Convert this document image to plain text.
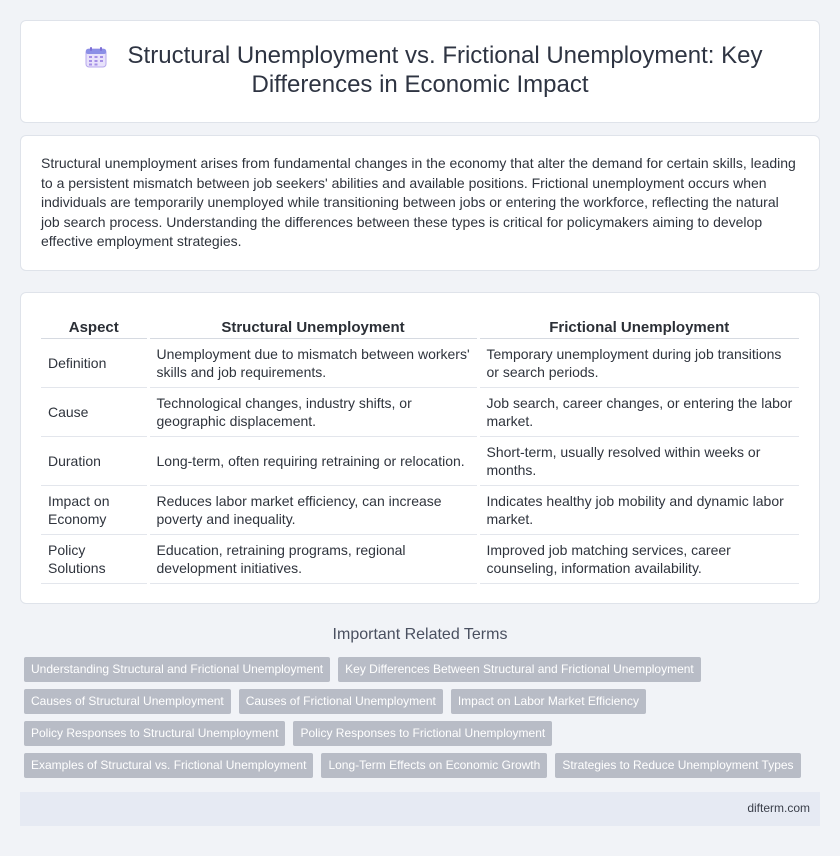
Structural Unemployment vs. Frictional Unemployment: Key
Differences in Economic Impact

Structural unemployment arises from fundamental changes in the economy that alter the demand for certain skills, leading to a persistent mismatch between job seekers' abilities and available positions. Frictional unemployment occurs when individuals are temporarily unemployed while transitioning between jobs or entering the workforce, reflecting the natural job search process. Understanding the differences between these types is critical for policymakers aiming to develop effective employment strategies.

Aspect	Structural Unemployment	Frictional Unemployment
Definition	Unemployment due to mismatch between workers' skills and job requirements.	Temporary unemployment during job transitions or search periods.
Cause	Technological changes, industry shifts, or geographic displacement.	Job search, career changes, or entering the labor market.
Duration	Long-term, often requiring retraining or relocation.	Short-term, usually resolved within weeks or months.
Impact on Economy	Reduces labor market efficiency, can increase poverty and inequality.	Indicates healthy job mobility and dynamic labor market.
Policy Solutions	Education, retraining programs, regional development initiatives.	Improved job matching services, career counseling, information availability.
Important Related Terms
Understanding Structural and Frictional Unemployment	Key Differences Between Structural and Frictional Unemployment
Causes of Structural Unemployment	Causes of Frictional Unemployment	Impact on Labor Market Efficiency
Policy Responses to Structural Unemployment	Policy Responses to Frictional Unemployment
Examples of Structural vs. Frictional Unemployment	Long-Term Effects on Economic Growth	Strategies to Reduce Unemployment Types
difterm.com
